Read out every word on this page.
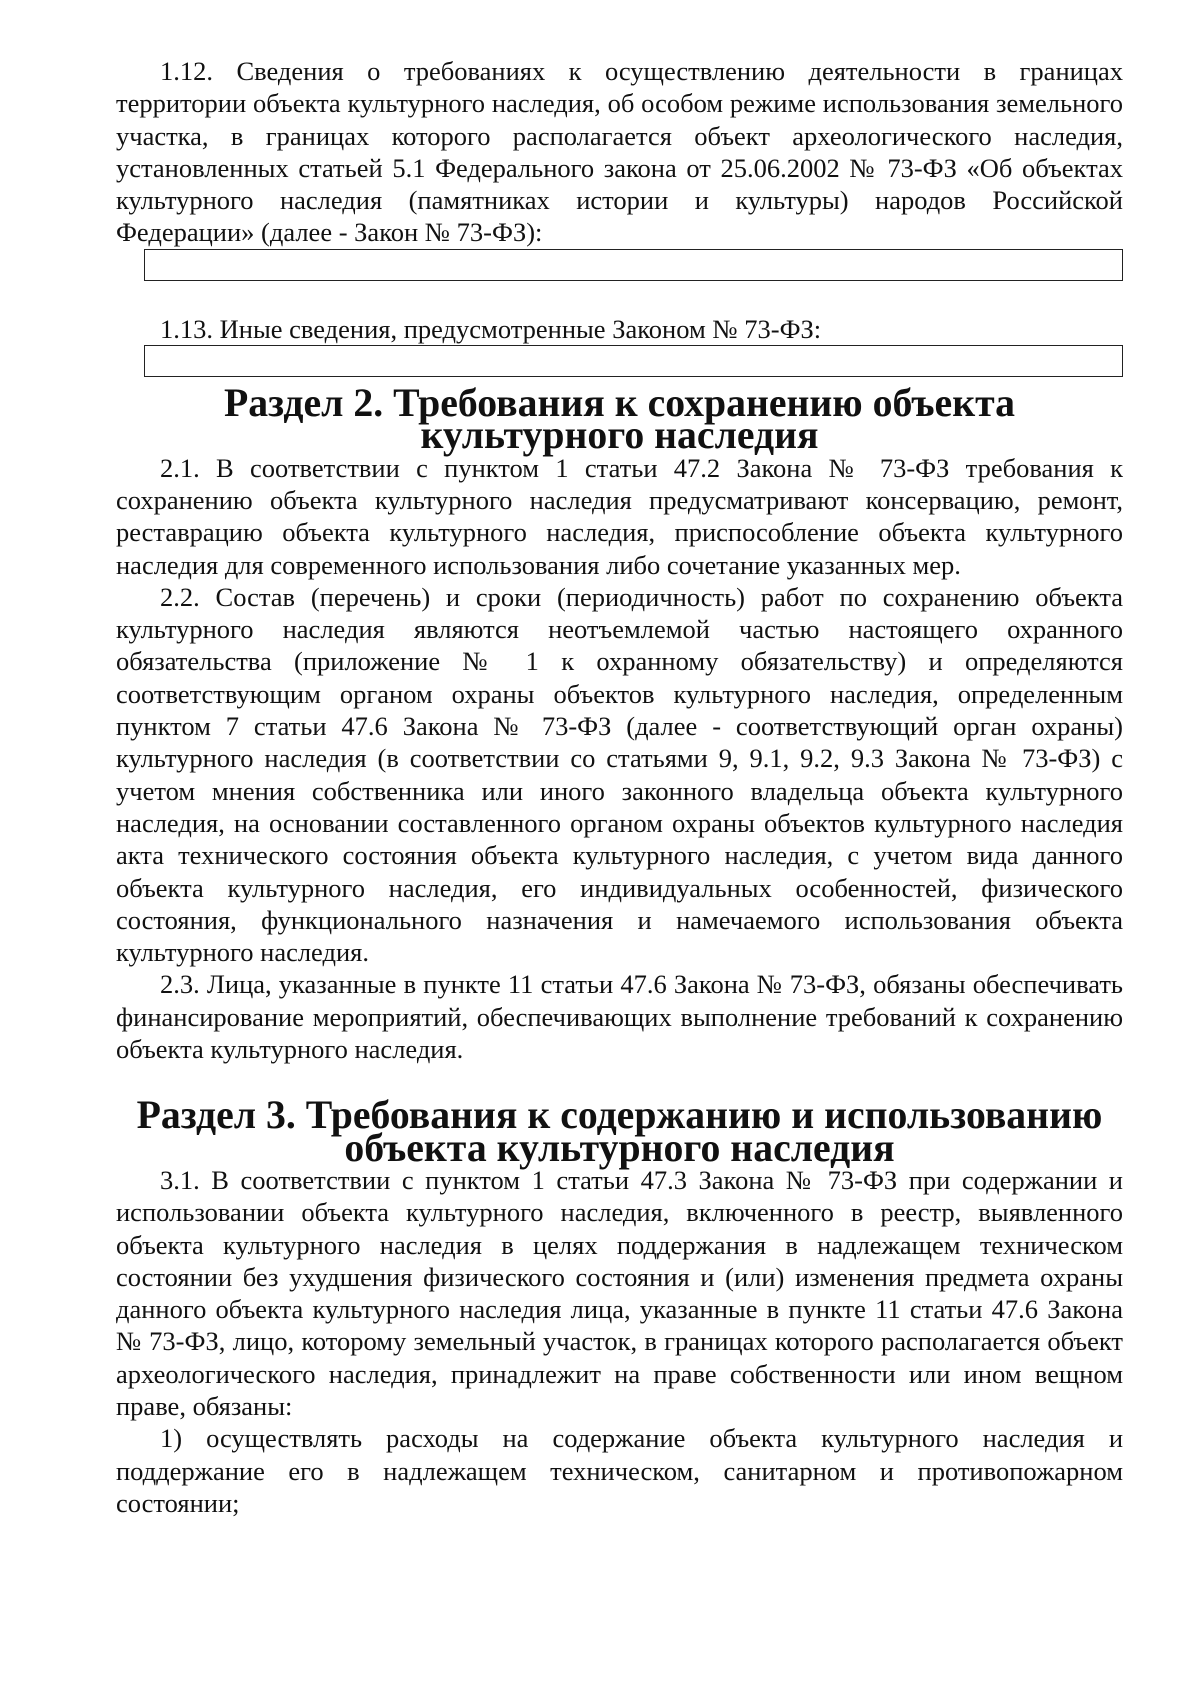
1.12. Сведения о требованиях к осуществлению деятельности в границах территории объекта культурного наследия, об особом режиме использования земельного участка, в границах которого располагается объект археологического наследия, установленных статьей 5.1 Федерального закона от 25.06.2002 № 73-ФЗ «Об объектах культурного наследия (памятниках истории и культуры) народов Российской Федерации» (далее - Закон № 73-ФЗ):

1.13. Иные сведения, предусмотренные Законом № 73-ФЗ:

Раздел 2. Требования к сохранению объекта культурного наследия

2.1. В соответствии с пунктом 1 статьи 47.2 Закона № 73-ФЗ требования к сохранению объекта культурного наследия предусматривают консервацию, ремонт, реставрацию объекта культурного наследия, приспособление объекта культурного наследия для современного использования либо сочетание указанных мер.

2.2. Состав (перечень) и сроки (периодичность) работ по сохранению объекта культурного наследия являются неотъемлемой частью настоящего охранного обязательства (приложение № 1 к охранному обязательству) и определяются соответствующим органом охраны объектов культурного наследия, определенным пунктом 7 статьи 47.6 Закона № 73-ФЗ (далее - соответствующий орган охраны) культурного наследия (в соответствии со статьями 9, 9.1, 9.2, 9.3 Закона № 73-ФЗ) с учетом мнения собственника или иного законного владельца объекта культурного наследия, на основании составленного органом охраны объектов культурного наследия акта технического состояния объекта культурного наследия, с учетом вида данного объекта культурного наследия, его индивидуальных особенностей, физического состояния, функционального назначения и намечаемого использования объекта культурного наследия.

2.3. Лица, указанные в пункте 11 статьи 47.6 Закона № 73-ФЗ, обязаны обеспечивать финансирование мероприятий, обеспечивающих выполнение требований к сохранению объекта культурного наследия.

Раздел 3. Требования к содержанию и использованию объекта культурного наследия

3.1. В соответствии с пунктом 1 статьи 47.3 Закона № 73-ФЗ при содержании и использовании объекта культурного наследия, включенного в реестр, выявленного объекта культурного наследия в целях поддержания в надлежащем техническом состоянии без ухудшения физического состояния и (или) изменения предмета охраны данного объекта культурного наследия лица, указанные в пункте 11 статьи 47.6 Закона № 73-ФЗ, лицо, которому земельный участок, в границах которого располагается объект археологического наследия, принадлежит на праве собственности или ином вещном праве, обязаны:

1) осуществлять расходы на содержание объекта культурного наследия и поддержание его в надлежащем техническом, санитарном и противопожарном состоянии;
